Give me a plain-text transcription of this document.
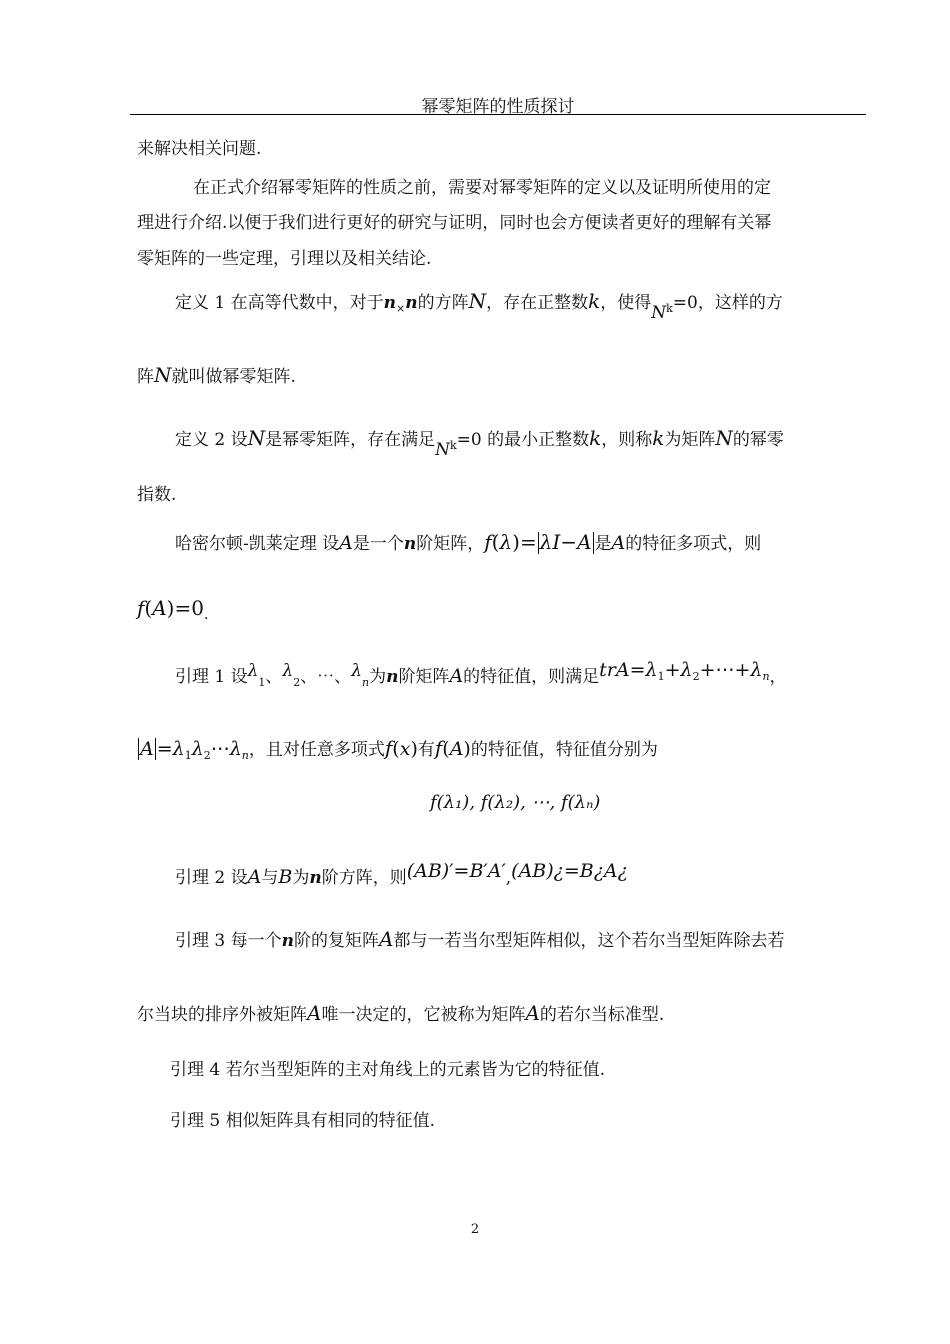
幂零矩阵的性质探讨
来解决相关问题.
在正式介绍幂零矩阵的性质之前，需要对幂零矩阵的定义以及证明所使用的定
理进行介绍.以便于我们进行更好的研究与证明，同时也会方便读者更好的理解有关幂
零矩阵的一些定理，引理以及相关结论.
定义 1 在高等代数中，对于$n_\times n$的方阵N，存在正整数k，使得$N_k=0$，这样的方
阵N就叫做幂零矩阵.
定义 2 设N是幂零矩阵，存在满足$N_k=0$ 的最小正整数k，则称k为矩阵N的幂零
指数.
哈密尔顿-凯莱定理 设A是一个n阶矩阵，f(λ)= λI−A 是A的特征多项式，则
$f(A)=0_.$
引理 1 设$\lambda_1$、$\lambda_2$、⋯、$\lambda_n$为n阶矩阵A的特征值，则满足$trA=\lambda_1+\lambda_2+\cdots+\lambda_n$，
$A =\lambda_1\lambda_2\cdots\lambda_n$，且对任意多项式f(x)有f(A)的特征值，特征值分别为
f(λ₁), f(λ₂), ⋯, f(λₙ)
引理 2 设A与B为n阶方阵，则(AB)′=B′A′,(AB)¿=B¿A¿
引理 3 每一个n阶的复矩阵A都与一若当尔型矩阵相似，这个若尔当型矩阵除去若
尔当块的排序外被矩阵A唯一决定的，它被称为矩阵A的若尔当标准型.
引理 4 若尔当型矩阵的主对角线上的元素皆为它的特征值.
引理 5 相似矩阵具有相同的特征值.
2
